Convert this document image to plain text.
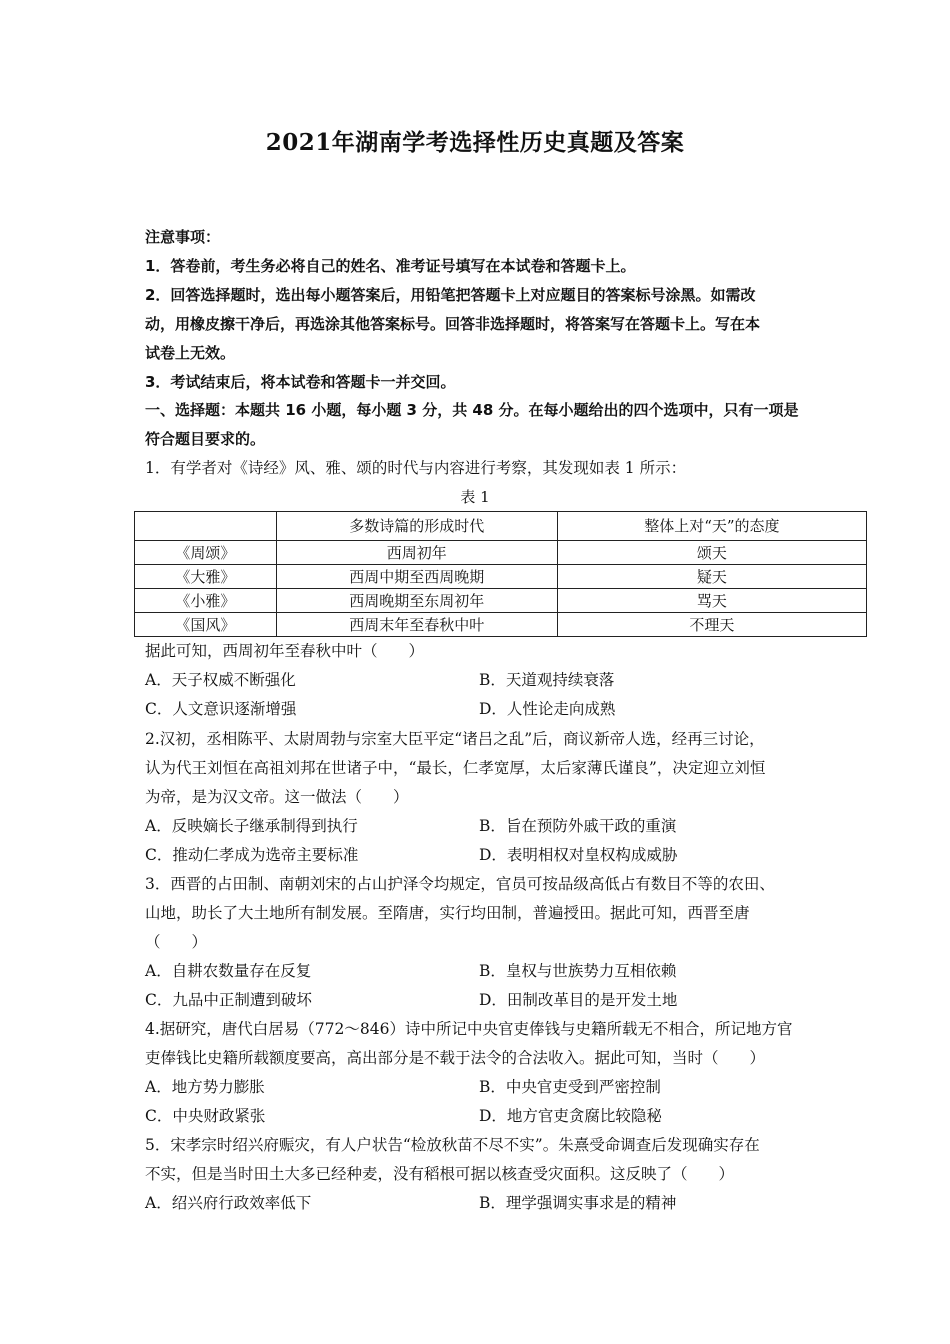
2021年湖南学考选择性历史真题及答案
注意事项：
1．答卷前，考生务必将自己的姓名、准考证号填写在本试卷和答题卡上。
2．回答选择题时，选出每小题答案后，用铅笔把答题卡上对应题目的答案标号涂黑。如需改
动，用橡皮擦干净后，再选涂其他答案标号。回答非选择题时，将答案写在答题卡上。写在本
试卷上无效。
3．考试结束后，将本试卷和答题卡一并交回。
一、选择题：本题共 16 小题，每小题 3 分，共 48 分。在每小题给出的四个选项中，只有一项是
符合题目要求的。
1．有学者对《诗经》风、雅、颂的时代与内容进行考察，其发现如表 1 所示：
表 1
	多数诗篇的形成时代	整体上对“天”的态度
《周颂》	西周初年	颂天
《大雅》	西周中期至西周晚期	疑天
《小雅》	西周晚期至东周初年	骂天
《国风》	西周末年至春秋中叶	不理天
据此可知，西周初年至春秋中叶（　　）
A．天子权威不断强化	B．天道观持续衰落
C．人文意识逐渐增强	D．人性论走向成熟
2.汉初，丞相陈平、太尉周勃与宗室大臣平定“诸吕之乱”后，商议新帝人选，经再三讨论，
认为代王刘恒在高祖刘邦在世诸子中，“最长，仁孝宽厚，太后家薄氏谨良”，决定迎立刘恒
为帝，是为汉文帝。这一做法（　　）
A．反映嫡长子继承制得到执行	B．旨在预防外戚干政的重演
C．推动仁孝成为选帝主要标准	D．表明相权对皇权构成威胁
3．西晋的占田制、南朝刘宋的占山护泽令均规定，官员可按品级高低占有数目不等的农田、
山地，助长了大土地所有制发展。至隋唐，实行均田制，普遍授田。据此可知，西晋至唐
（　　）
A．自耕农数量存在反复	B．皇权与世族势力互相依赖
C．九品中正制遭到破坏	D．田制改革目的是开发土地
4.据研究，唐代白居易（772～846）诗中所记中央官吏俸钱与史籍所载无不相合，所记地方官
吏俸钱比史籍所载额度要高，高出部分是不载于法令的合法收入。据此可知，当时（　　）
A．地方势力膨胀	B．中央官吏受到严密控制
C．中央财政紧张	D．地方官吏贪腐比较隐秘
5．宋孝宗时绍兴府赈灾，有人户状告“检放秋苗不尽不实”。朱熹受命调查后发现确实存在
不实，但是当时田土大多已经种麦，没有稻根可据以核查受灾面积。这反映了（　　）
A．绍兴府行政效率低下	B．理学强调实事求是的精神
